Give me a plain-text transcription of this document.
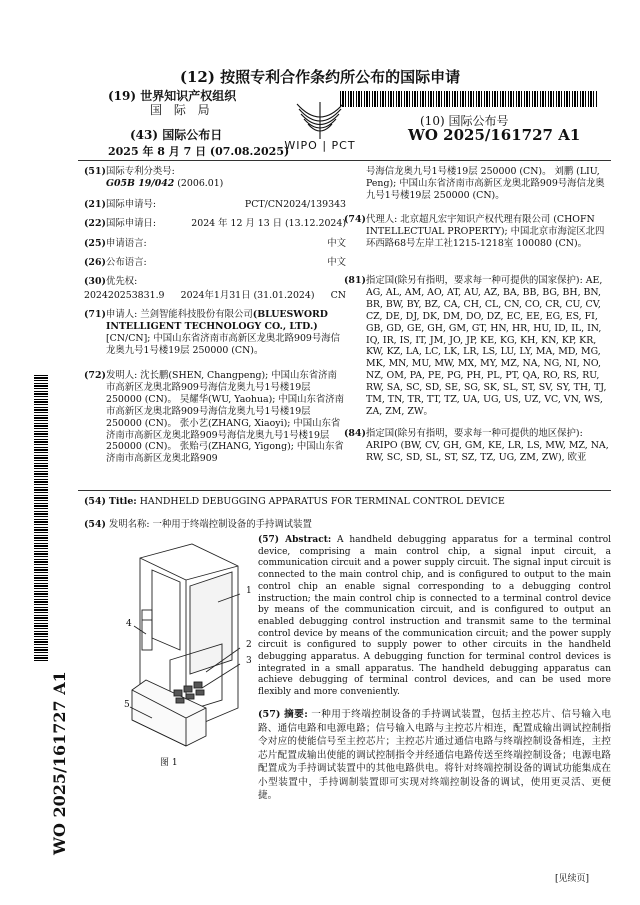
(12) 按照专利合作条约所公布的国际申请
(19) 世界知识产权组织
国 际 局
(43) 国际公布日
2025 年 8 月 7 日 (07.08.2025)
WIPO | PCT
(10) 国际公布号
WO 2025/161727 A1
(51) 国际专利分类号:
G05B 19/042 (2006.01)
(21) 国际申请号:	PCT/CN2024/139343
(22) 国际申请日:	2024 年 12 月 13 日 (13.12.2024)
(25) 申请语言:	中文
(26) 公布语言:	中文
(30) 优先权:
202420253831.9 2024年1月31日 (31.01.2024) CN
(71) 申请人: 兰剑智能科技股份有限公司(BLUESWORD INTELLIGENT TECHNOLOGY CO., LTD.) [CN/CN]; 中国山东省济南市高新区龙奥北路909号海信龙奥九号1号楼19层 250000 (CN)。
(72) 发明人: 沈长鹏(SHEN, Changpeng); 中国山东省济南市高新区龙奥北路909号海信龙奥九号1号楼19层 250000 (CN)。 吴耀华(WU, Yaohua); 中国山东省济南市高新区龙奥北路909号海信龙奥九号1号楼19层 250000 (CN)。 张小艺(ZHANG, Xiaoyi); 中国山东省济南市高新区龙奥北路909号海信龙奥九号1号楼19层 250000 (CN)。 张贻弓(ZHANG, Yigong); 中国山东省济南市高新区龙奥北路909
号海信龙奥九号1号楼19层 250000 (CN)。 刘鹏 (LIU, Peng); 中国山东省济南市高新区龙奥北路909号海信龙奥九号1号楼19层 250000 (CN)。
(74) 代理人: 北京超凡宏宇知识产权代理有限公司 (CHOFN INTELLECTUAL PROPERTY); 中国北京市海淀区北四环西路68号左岸工社1215-1218室 100080 (CN)。
(81) 指定国(除另有指明，要求每一种可提供的国家保护): AE, AG, AL, AM, AO, AT, AU, AZ, BA, BB, BG, BH, BN, BR, BW, BY, BZ, CA, CH, CL, CN, CO, CR, CU, CV, CZ, DE, DJ, DK, DM, DO, DZ, EC, EE, EG, ES, FI, GB, GD, GE, GH, GM, GT, HN, HR, HU, ID, IL, IN, IQ, IR, IS, IT, JM, JO, JP, KE, KG, KH, KN, KP, KR, KW, KZ, LA, LC, LK, LR, LS, LU, LY, MA, MD, MG, MK, MN, MU, MW, MX, MY, MZ, NA, NG, NI, NO, NZ, OM, PA, PE, PG, PH, PL, PT, QA, RO, RS, RU, RW, SA, SC, SD, SE, SG, SK, SL, ST, SV, SY, TH, TJ, TM, TN, TR, TT, TZ, UA, UG, US, UZ, VC, VN, WS, ZA, ZM, ZW。
(84) 指定国(除另有指明，要求每一种可提供的地区保护): ARIPO (BW, CV, GH, GM, KE, LR, LS, MW, MZ, NA, RW, SC, SD, SL, ST, SZ, TZ, UG, ZM, ZW), 欧亚
(54) Title: HANDHELD DEBUGGING APPARATUS FOR TERMINAL CONTROL DEVICE
(54) 发明名称: 一种用于终端控制设备的手持调试装置
WO 2025/161727 A1
1
2
3
4
5
图 1
(57) Abstract: A handheld debugging apparatus for a terminal control device, comprising a main control chip, a signal input circuit, a communication circuit and a power supply circuit. The signal input circuit is connected to the main control chip, and is configured to output to the main control chip an enable signal corresponding to a debugging control instruction; the main control chip is connected to a terminal control device by means of the communication circuit, and is configured to output an enabled debugging control instruction and transmit same to the terminal control device by means of the communication circuit; and the power supply circuit is configured to supply power to other circuits in the handheld debugging apparatus. A debugging function for terminal control devices is integrated in a small apparatus. The handheld debugging apparatus can achieve debugging of terminal control devices, and can be used more flexibly and more conveniently.
(57) 摘要: 一种用于终端控制设备的手持调试装置，包括主控芯片、信号输入电路、通信电路和电源电路；信号输入电路与主控芯片相连，配置成输出调试控制指令对应的使能信号至主控芯片；主控芯片通过通信电路与终端控制设备相连，主控芯片配置成输出使能的调试控制指令并经通信电路传送至终端控制设备；电源电路配置成为手持调试装置中的其他电路供电。将针对终端控制设备的调试功能集成在小型装置中，手持调制装置即可实现对终端控制设备的调试，使用更灵活、更便捷。
[见续页]
